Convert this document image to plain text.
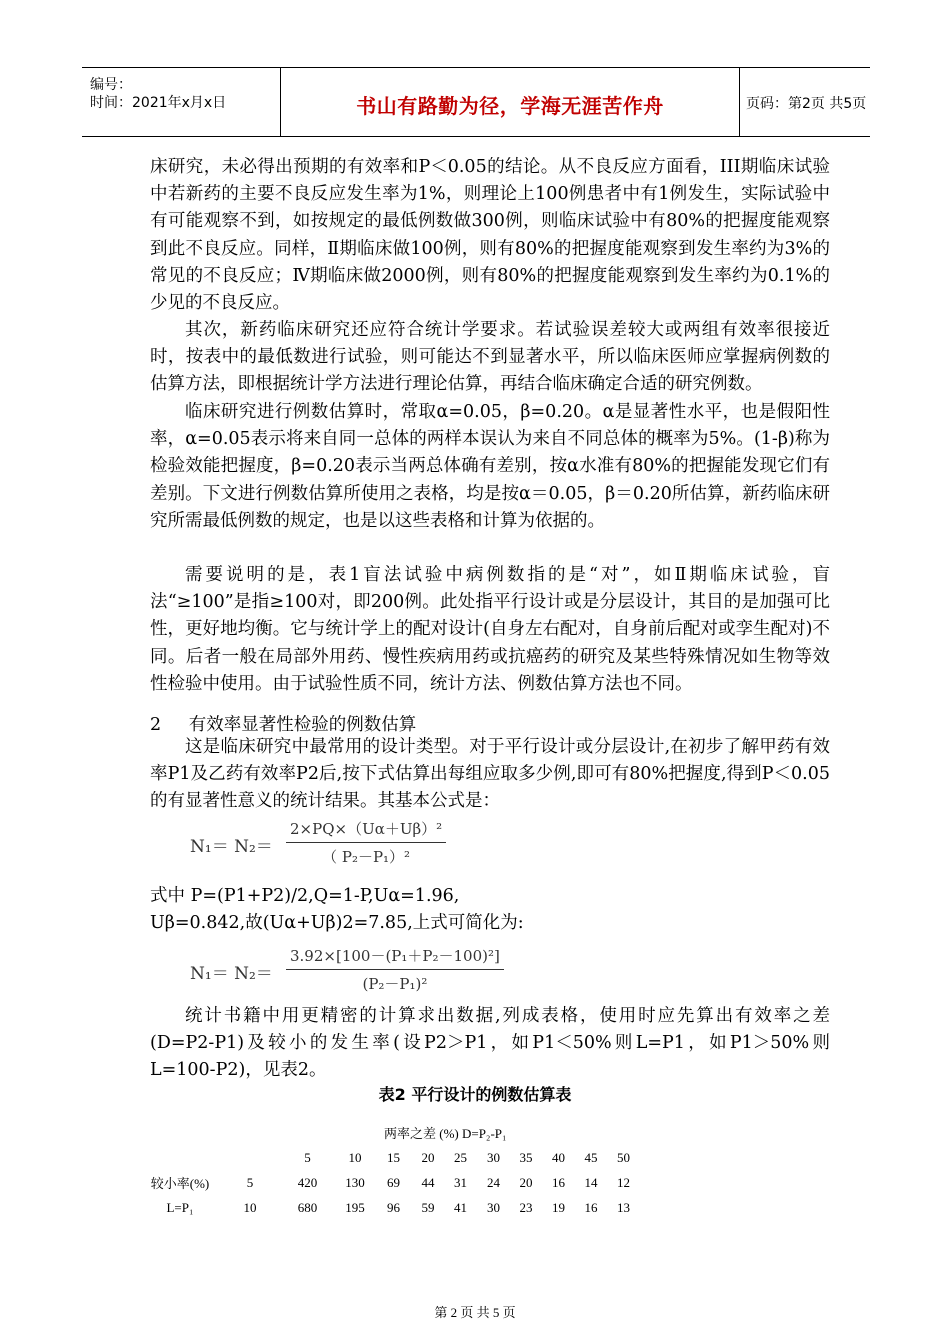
编号：
时间：2021年x月x日	书山有路勤为径，学海无涯苦作舟	页码：第2页 共5页

床研究，未必得出预期的有效率和P＜0.05的结论。从不良反应方面看，III期临床试验中若新药的主要不良反应发生率为1%，则理论上100例患者中有1例发生，实际试验中有可能观察不到，如按规定的最低例数做300例，则临床试验中有80%的把握度能观察到此不良反应。同样，Ⅱ期临床做100例，则有80%的把握度能观察到发生率约为3%的常见的不良反应；Ⅳ期临床做2000例，则有80%的把握度能观察到发生率约为0.1%的少见的不良反应。

其次，新药临床研究还应符合统计学要求。若试验误差较大或两组有效率很接近时，按表中的最低数进行试验，则可能达不到显著水平，所以临床医师应掌握病例数的估算方法，即根据统计学方法进行理论估算，再结合临床确定合适的研究例数。

临床研究进行例数估算时，常取α=0.05，β=0.20。α是显著性水平，也是假阳性率，α=0.05表示将来自同一总体的两样本误认为来自不同总体的概率为5%。(1-β)称为检验效能把握度，β=0.20表示当两总体确有差别，按α水准有80%的把握能发现它们有差别。下文进行例数估算所使用之表格，均是按α＝0.05，β＝0.20所估算，新药临床研究所需最低例数的规定，也是以这些表格和计算为依据的。

需要说明的是，表1盲法试验中病例数指的是“对”，如Ⅱ期临床试验，盲法“≥100”是指≥100对，即200例。此处指平行设计或是分层设计，其目的是加强可比性，更好地均衡。它与统计学上的配对设计(自身左右配对，自身前后配对或孪生配对)不同。后者一般在局部外用药、慢性疾病用药或抗癌药的研究及某些特殊情况如生物等效性检验中使用。由于试验性质不同，统计方法、例数估算方法也不同。

2 有效率显著性检验的例数估算

这是临床研究中最常用的设计类型。对于平行设计或分层设计,在初步了解甲药有效率P1及乙药有效率P2后,按下式估算出每组应取多少例,即可有80%把握度,得到P＜0.05的有显著性意义的统计结果。其基本公式是：

N₁＝ N₂＝
2×PQ×（Uα＋Uβ）²
（ P₂－P₁）²
式中 P=(P1+P2)/2,Q=1-P,Uα=1.96,
Uβ=0.842,故(Uα+Uβ)2=7.85,上式可简化为:
N₁＝ N₂＝
3.92×[100－(P₁＋P₂－100)²]
(P₂－P₁)²

统计书籍中用更精密的计算求出数据,列成表格，使用时应先算出有效率之差(D=P2-P1)及较小的发生率(设P2＞P1，如P1＜50%则L=P1，如P1＞50%则L=100-P2)，见表2。

表2 平行设计的例数估算表
		两率之差 (%) D=P₂-P₁									
		5	10	15	20	25	30	35	40	45	50
较小率(%)	5	420	130	69	44	31	24	20	16	14	12
L=P₁	10	680	195	96	59	41	30	23	19	16	13
第 2 页 共 5 页
